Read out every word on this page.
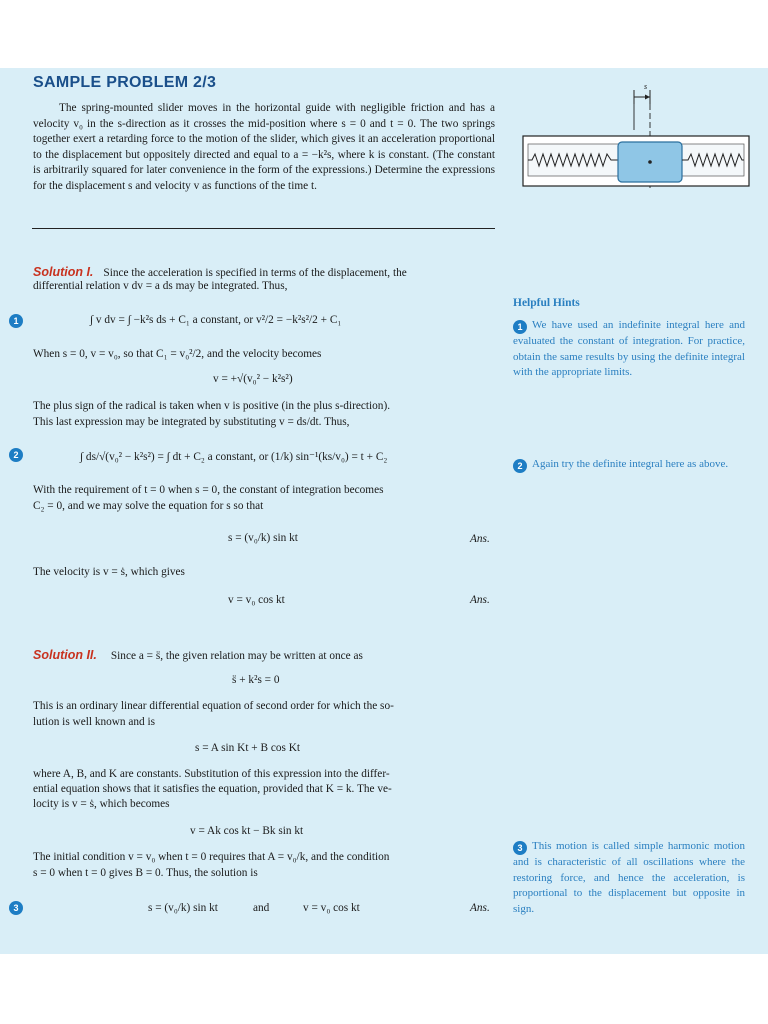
SAMPLE PROBLEM 2/3

The spring-mounted slider moves in the horizontal guide with negligible friction and has a velocity v₀ in the s-direction as it crosses the mid-position where s = 0 and t = 0. The two springs together exert a retarding force to the motion of the slider, which gives it an acceleration proportional to the displacement but oppositely directed and equal to a = −k²s, where k is constant. (The constant is arbitrarily squared for later convenience in the form of the expressions.) Determine the expressions for the displacement s and velocity v as functions of the time t.

s
Solution I. Since the acceleration is specified in terms of the displacement, the
differential relation v dv = a ds may be integrated. Thus,
1	∫ v dv = ∫ −k²s ds + C₁ a constant, or v²/2 = −k²s²/2 + C₁
When s = 0, v = v₀, so that C₁ = v₀²/2, and the velocity becomes
v = +√(v₀² − k²s²)
The plus sign of the radical is taken when v is positive (in the plus s-direction).
This last expression may be integrated by substituting v = ds/dt. Thus,
2	∫ ds/√(v₀² − k²s²) = ∫ dt + C₂ a constant, or (1/k) sin⁻¹(ks/v₀) = t + C₂
With the requirement of t = 0 when s = 0, the constant of integration becomes
C₂ = 0, and we may solve the equation for s so that
s = (v₀/k) sin kt	Ans.
The velocity is v = ṡ, which gives
v = v₀ cos kt	Ans.
Solution II. Since a = s̈, the given relation may be written at once as
s̈ + k²s = 0
This is an ordinary linear differential equation of second order for which the so-
lution is well known and is
s = A sin Kt + B cos Kt
where A, B, and K are constants. Substitution of this expression into the differ-
ential equation shows that it satisfies the equation, provided that K = k. The ve-
locity is v = ṡ, which becomes
v = Ak cos kt − Bk sin kt
The initial condition v = v₀ when t = 0 requires that A = v₀/k, and the condition
s = 0 when t = 0 gives B = 0. Thus, the solution is
3	s = (v₀/k) sin kt	and	v = v₀ cos kt	Ans.
Helpful Hints
1 We have used an indefinite integral here and evaluated the constant of integration. For practice, obtain the same results by using the definite integral with the appropriate limits.
2 Again try the definite integral here as above.
3 This motion is called simple harmonic motion and is characteristic of all oscillations where the restoring force, and hence the acceleration, is proportional to the displacement but opposite in sign.
